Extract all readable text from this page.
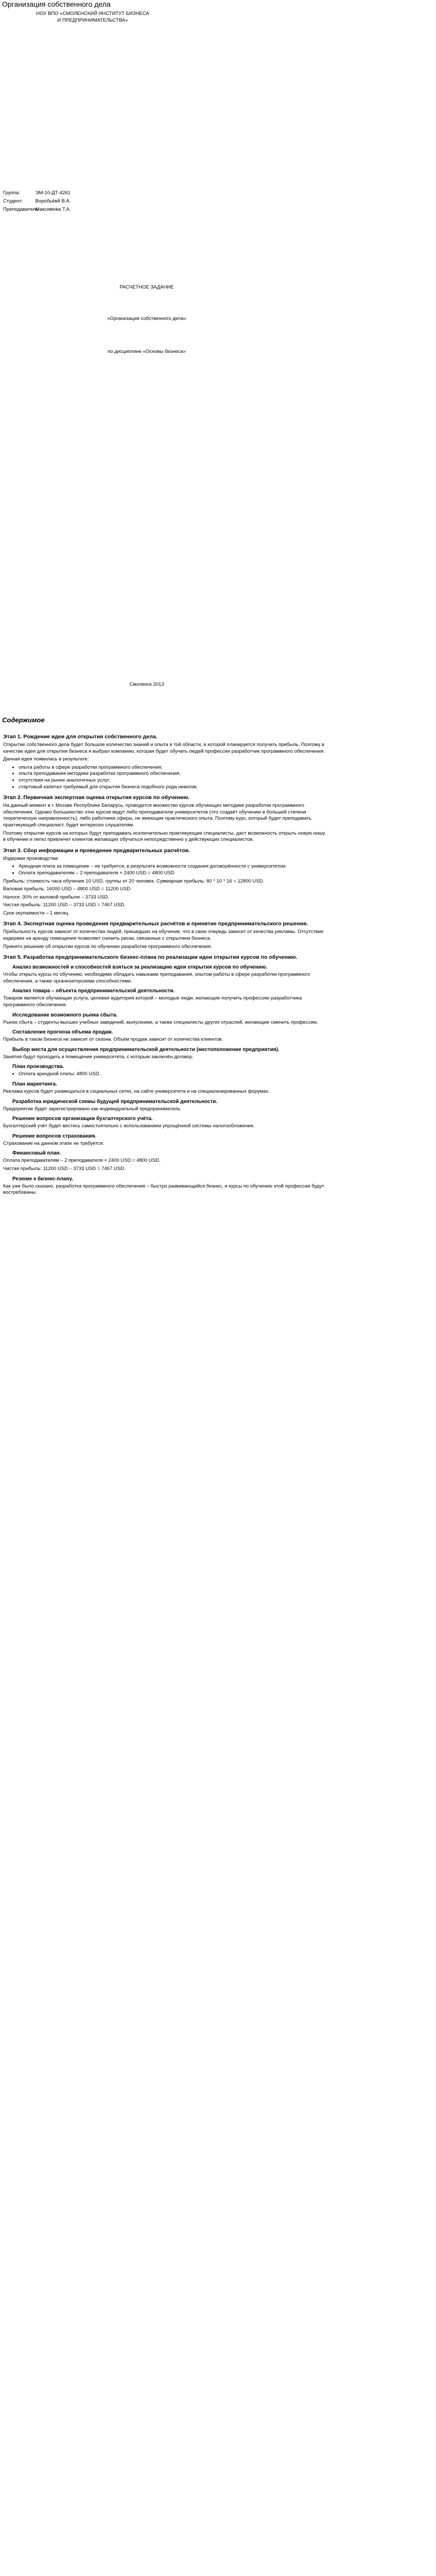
Организация собственного дела
НОУ ВПО «СМОЛЕНСКИЙ ИНСТИТУТ БИЗНЕСА
И ПРЕДПРИНИМАТЕЛЬСТВА»
Группа:	ЭМ-10-ДТ-4261
Студент:	Воробьёвй В.А.
Преподаватель: Максимова Т.А.
РАСЧЕТНОЕ ЗАДАНИЕ
«Организация собственного дела»
по дисциплине «Основы бизнеса»
Смоленск 2013
Содержимое
Этап 1. Рождение идеи для открытия собственного дела.

Открытие собственного дела будет большое количество знаний и опыта в той области, в которой планируется получать прибыль. Поэтому в качестве идеи для открытия бизнеса я выбрал компанию, которая будет обучать людей профессии разработчик программного обеспечения.

Данная идея появилась в результате:

• опыта работы в сфере разработки программного обеспечения;
• опыта преподавания методики разработки программного обеспечения;
• отсутствия на рынке аналогичных услуг;
• стартовый капитал требуемый для открытия бизнеса подобного рода невелик.
Этап 2. Первичная экспертная оценка открытия курсов по обучению.

На данный момент в г. Москве Республике Беларусь, проводится множество курсов обучающих методике разработки программного обеспечения. Однако большинство этих курсов ведут либо преподаватели университетов (что создаёт обучению в большей степени теоретическую направленность), либо работники сферы, не имеющие практического опыта. Поэтому курс, который будет преподавать практикующий специалист, будет интересен слушателям.

Поэтому открытие курсов на которых будут преподавать исключительно практикующие специалисты, даст возможность открыть новую нишу в обучении и легко привлечет клиентов желающих обучаться непосредственно у действующих специалистов.

Этап 3. Сбор информации и проведение предварительных расчётов.

Издержки производства:

• Арендная плата за помещение – не требуется, в результате возможности создания договорённости с университетом.
• Оплата преподавателям – 2 преподавателя × 2400 USD = 4800 USD

Прибыль: стоимость часа обучения 10 USD, группы от 20 человек. Суммарная прибыль: 80 * 10 * 16 = 12800 USD.

Валовая прибыль: 16000 USD – 4800 USD = 11200 USD.

Налоги: 30% от валовой прибыли – 3733 USD.

Чистая прибыль: 11200 USD – 3733 USD = 7467 USD.

Срок окупаемости – 1 месяц.

Этап 4. Экспертная оценка проведения предварительных расчётов и принятие предпринимательского решения.

Прибыльность курсов зависит от количества людей, пришедших на обучение, что в свою очередь зависит от качества рекламы. Отсутствие издержек на аренду помещения позволяет снизить риски, связанные с открытием бизнеса.

Принято решение об открытии курсов по обучению разработке программного обеспечения.

Этап 5. Разработка предпринимательского бизнес-плана по реализации идеи открытия курсов по обучению.
Анализ возможностей и способностей взяться за реализацию идеи открытия курсов по обучению.

Чтобы открыть курсы по обучению, необходимо обладать навыками преподавания, опытом работы в сфере разработки программного обеспечения, а также организаторскими способностями.

Анализ товара – объекта предпринимательской деятельности.

Товаром является обучающая услуга, целевая аудитория которой – молодые люди, желающие получить профессию разработчика программного обеспечения.

Исследование возможного рынка сбыта.

Рынок сбыта – студенты высших учебных заведений, выпускники, а также специалисты других отраслей, желающие сменить профессию.

Составление прогноза объема продаж.

Прибыль в таком бизнесе не зависит от сезона. Объём продаж зависит от количества клиентов.

Выбор места для осуществления предпринимательской деятельности (местоположение предприятия).

Занятия будут проходить в помещении университета, с которым заключён договор.

План производства.
• Оплата арендной платы: 4800 USD.
План маркетинга.

Реклама курсов будет размещаться в социальных сетях, на сайте университета и на специализированных форумах.

Разработка юридической схемы будущей предпринимательской деятельности.

Предприятие будет зарегистрировано как индивидуальный предприниматель.

Решение вопросов организации бухгалтерского учёта.

Бухгалтерский учёт будет вестись самостоятельно с использованием упрощённой системы налогообложения.

Решение вопросов страхования.

Страхование на данном этапе не требуется.

Финансовый план.

Оплата преподавателям – 2 преподавателя × 2400 USD = 4800 USD.

Чистая прибыль: 11200 USD – 3733 USD = 7467 USD.

Резюме к бизнес-плану.

Как уже было сказано, разработка программного обеспечения – быстро развивающийся бизнес, и курсы по обучению этой профессии будут востребованы.
